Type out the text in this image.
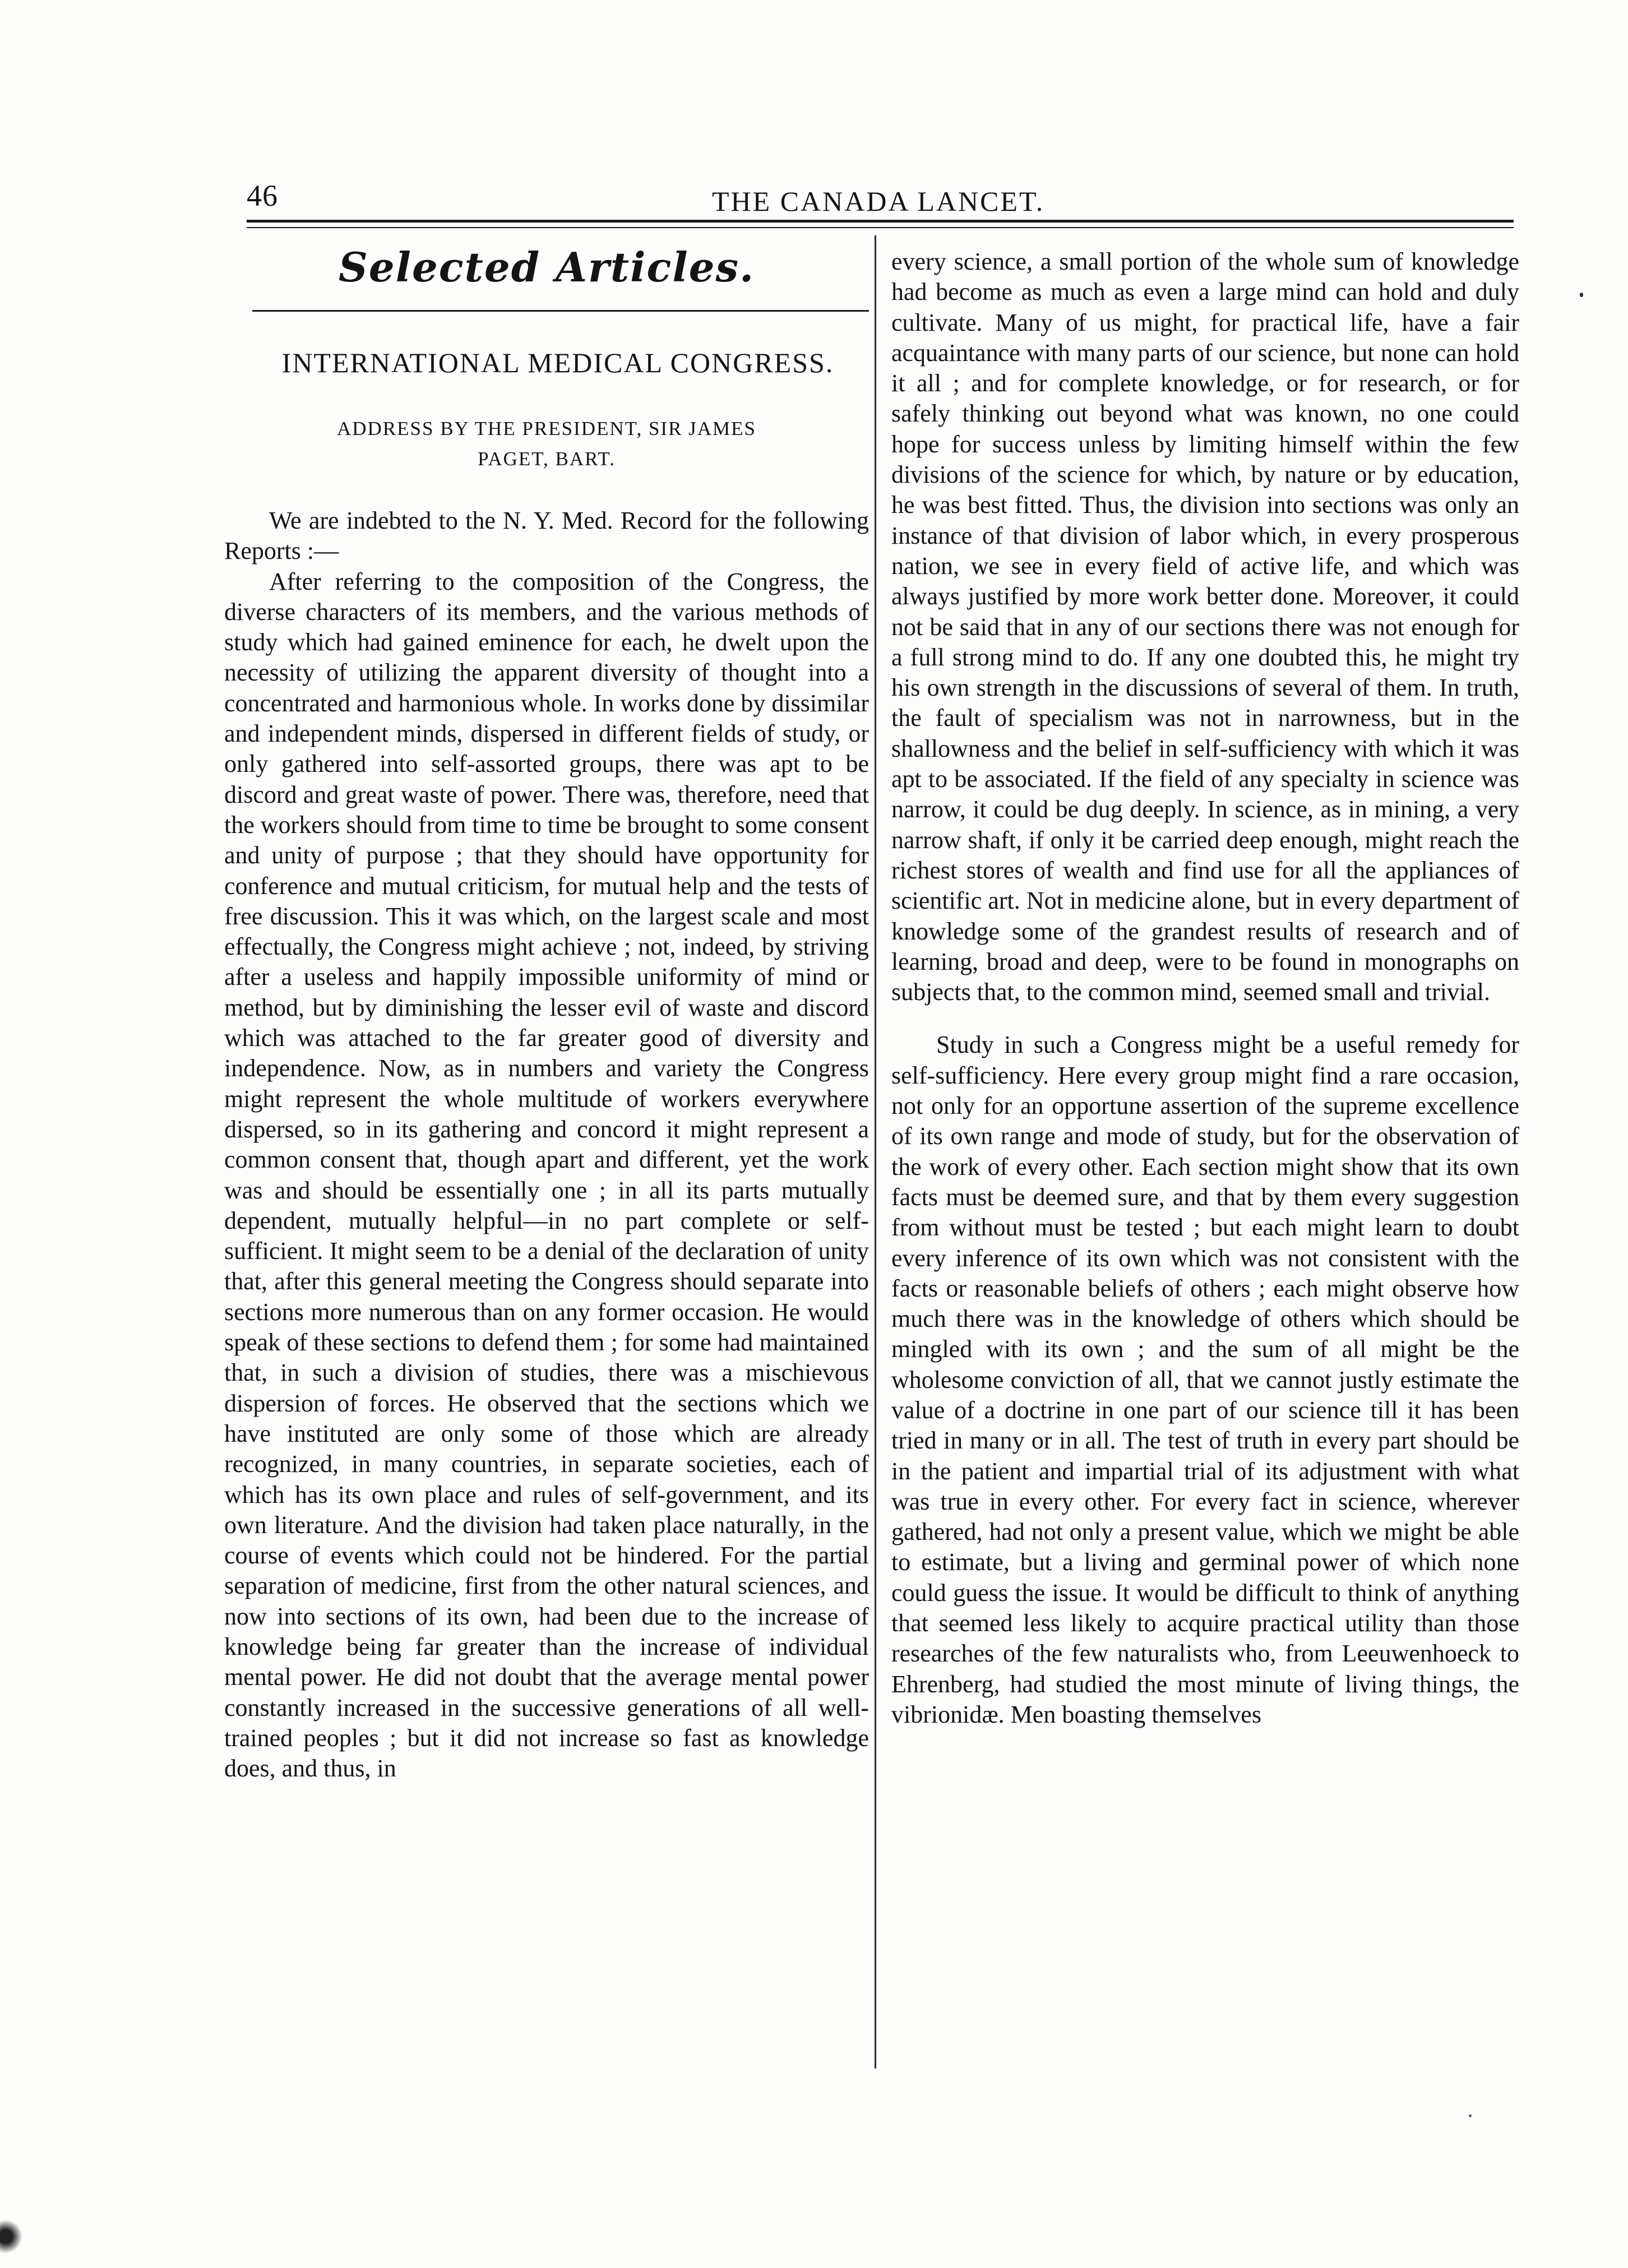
46	THE CANADA LANCET.
Selected Articles.
INTERNATIONAL MEDICAL CONGRESS.
ADDRESS BY THE PRESIDENT, SIR JAMES
PAGET, BART.

We are indebted to the N. Y. Med. Record for the following Reports :—

After referring to the composition of the Congress, the diverse characters of its members, and the various methods of study which had gained eminence for each, he dwelt upon the necessity of utilizing the apparent diversity of thought into a concentrated and harmonious whole. In works done by dissimilar and independent minds, dispersed in different fields of study, or only gathered into self-assorted groups, there was apt to be discord and great waste of power. There was, therefore, need that the workers should from time to time be brought to some consent and unity of purpose ; that they should have opportunity for conference and mutual criticism, for mutual help and the tests of free discussion. This it was which, on the largest scale and most effectually, the Congress might achieve ; not, indeed, by striving after a useless and happily impossible uniformity of mind or method, but by diminishing the lesser evil of waste and discord which was attached to the far greater good of diversity and independence. Now, as in numbers and variety the Congress might represent the whole multitude of workers everywhere dispersed, so in its gathering and concord it might represent a common consent that, though apart and different, yet the work was and should be essentially one ; in all its parts mutually dependent, mutually helpful—in no part complete or self-sufficient. It might seem to be a denial of the declaration of unity that, after this general meeting the Congress should separate into sections more numerous than on any former occasion. He would speak of these sections to defend them ; for some had maintained that, in such a division of studies, there was a mischievous dispersion of forces. He observed that the sections which we have instituted are only some of those which are already recognized, in many countries, in separate societies, each of which has its own place and rules of self-government, and its own literature. And the division had taken place naturally, in the course of events which could not be hindered. For the partial separation of medicine, first from the other natural sciences, and now into sections of its own, had been due to the increase of knowledge being far greater than the increase of individual mental power. He did not doubt that the average mental power constantly increased in the successive generations of all well-trained peoples ; but it did not increase so fast as knowledge does, and thus, in

every science, a small portion of the whole sum of knowledge had become as much as even a large mind can hold and duly cultivate. Many of us might, for practical life, have a fair acquaintance with many parts of our science, but none can hold it all ; and for complete knowledge, or for research, or for safely thinking out beyond what was known, no one could hope for success unless by limiting himself within the few divisions of the science for which, by nature or by education, he was best fitted. Thus, the division into sections was only an instance of that division of labor which, in every prosperous nation, we see in every field of active life, and which was always justified by more work better done. Moreover, it could not be said that in any of our sections there was not enough for a full strong mind to do. If any one doubted this, he might try his own strength in the discussions of several of them. In truth, the fault of specialism was not in narrowness, but in the shallowness and the belief in self-sufficiency with which it was apt to be associated. If the field of any specialty in science was narrow, it could be dug deeply. In science, as in mining, a very narrow shaft, if only it be carried deep enough, might reach the richest stores of wealth and find use for all the appliances of scientific art. Not in medicine alone, but in every department of knowledge some of the grandest results of research and of learning, broad and deep, were to be found in monographs on subjects that, to the common mind, seemed small and trivial.

Study in such a Congress might be a useful remedy for self-sufficiency. Here every group might find a rare occasion, not only for an opportune assertion of the supreme excellence of its own range and mode of study, but for the observation of the work of every other. Each section might show that its own facts must be deemed sure, and that by them every suggestion from without must be tested ; but each might learn to doubt every inference of its own which was not consistent with the facts or reasonable beliefs of others ; each might observe how much there was in the knowledge of others which should be mingled with its own ; and the sum of all might be the wholesome conviction of all, that we cannot justly estimate the value of a doctrine in one part of our science till it has been tried in many or in all. The test of truth in every part should be in the patient and impartial trial of its adjustment with what was true in every other. For every fact in science, wherever gathered, had not only a present value, which we might be able to estimate, but a living and germinal power of which none could guess the issue. It would be difficult to think of anything that seemed less likely to acquire practical utility than those researches of the few naturalists who, from Leeuwenhoeck to Ehrenberg, had studied the most minute of living things, the vibrionidæ. Men boasting themselves
